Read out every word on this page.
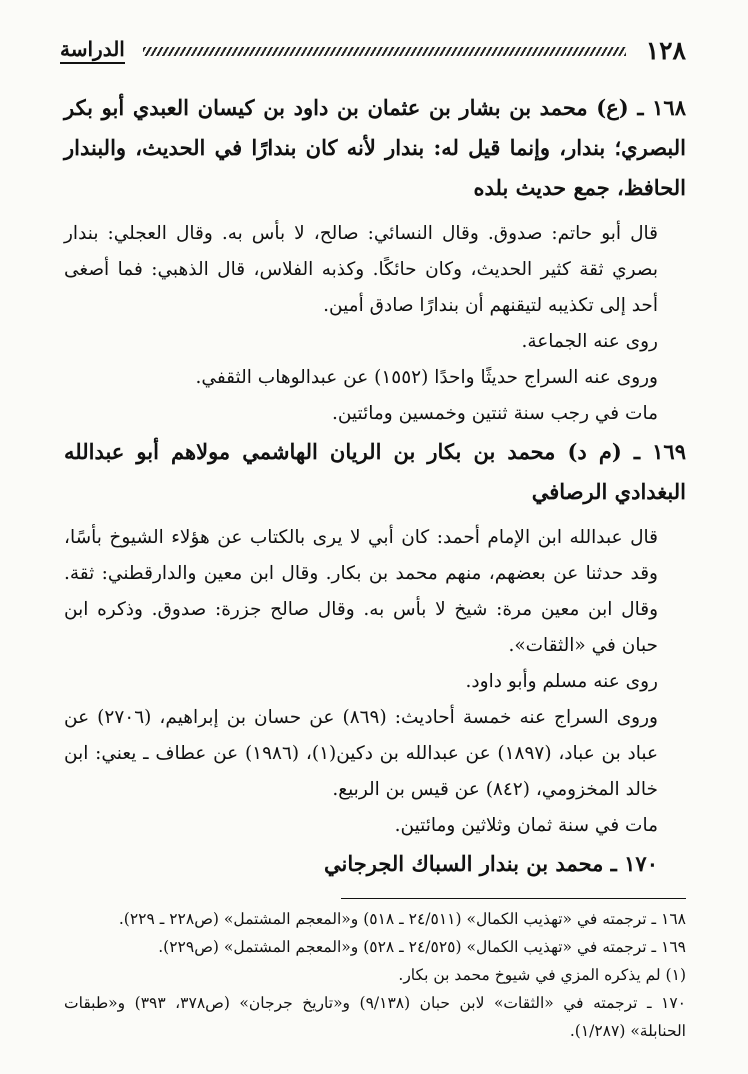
١٢٨
الدراسة

١٦٨ ـ (ع) محمد بن بشار بن عثمان بن داود بن كيسان العبدي أبو بكر البصري؛ بندار، وإنما قيل له: بندار لأنه كان بندارًا في الحديث، والبندار الحافظ، جمع حديث بلده

قال أبو حاتم: صدوق. وقال النسائي: صالح، لا بأس به. وقال العجلي: بندار بصري ثقة كثير الحديث، وكان حائكًا. وكذبه الفلاس، قال الذهبي: فما أصغى أحد إلى تكذيبه لتيقنهم أن بندارًا صادق أمين.

روى عنه الجماعة.

وروى عنه السراج حديثًا واحدًا (١٥٥٢) عن عبدالوهاب الثقفي.

مات في رجب سنة ثنتين وخمسين ومائتين.

١٦٩ ـ (م د) محمد بن بكار بن الريان الهاشمي مولاهم أبو عبدالله البغدادي الرصافي

قال عبدالله ابن الإمام أحمد: كان أبي لا يرى بالكتاب عن هؤلاء الشيوخ بأسًا، وقد حدثنا عن بعضهم، منهم محمد بن بكار. وقال ابن معين والدارقطني: ثقة. وقال ابن معين مرة: شيخ لا بأس به. وقال صالح جزرة: صدوق. وذكره ابن حبان في «الثقات».

روى عنه مسلم وأبو داود.

وروى السراج عنه خمسة أحاديث: (٨٦٩) عن حسان بن إبراهيم، (٢٧٠٦) عن عباد بن عباد، (١٨٩٧) عن عبدالله بن دكين(١)، (١٩٨٦) عن عطاف ـ يعني: ابن خالد المخزومي، (٨٤٢) عن قيس بن الربيع.

مات في سنة ثمان وثلاثين ومائتين.

١٧٠ ـ محمد بن بندار السباك الجرجاني

١٦٨ ـ ترجمته في «تهذيب الكمال» (٢٤/٥١١ ـ ٥١٨) و«المعجم المشتمل» (ص٢٢٨ ـ ٢٢٩).

١٦٩ ـ ترجمته في «تهذيب الكمال» (٢٤/٥٢٥ ـ ٥٢٨) و«المعجم المشتمل» (ص٢٢٩).

(١) لم يذكره المزي في شيوخ محمد بن بكار.

١٧٠ ـ ترجمته في «الثقات» لابن حبان (٩/١٣٨) و«تاريخ جرجان» (ص٣٧٨، ٣٩٣) و«طبقات الحنابلة» (١/٢٨٧).
